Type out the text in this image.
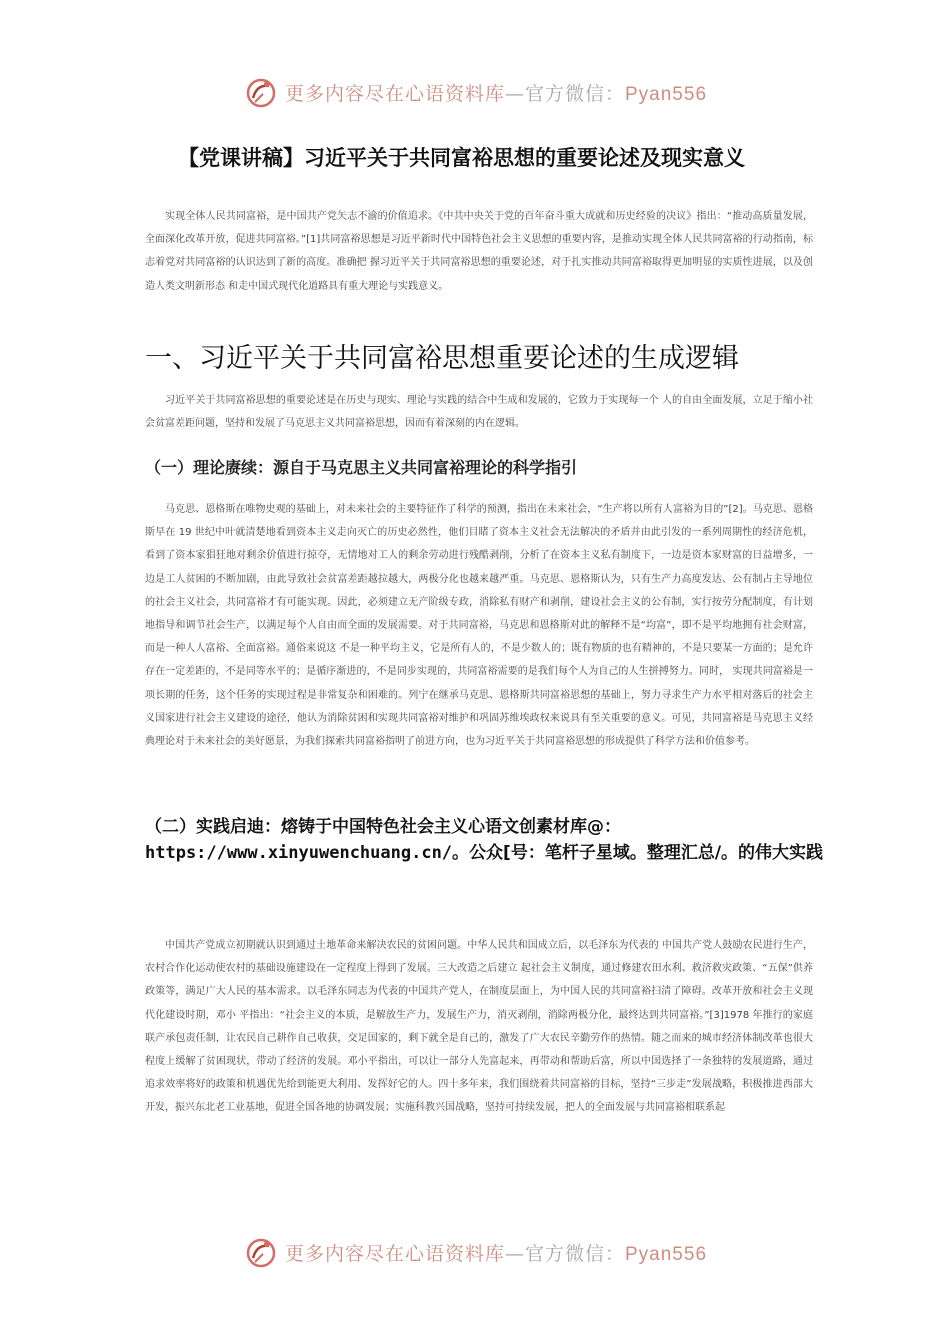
更多内容尽在心语资料库—官方微信：Pyan556
【党课讲稿】习近平关于共同富裕思想的重要论述及现实意义

实现全体人民共同富裕，是中国共产党矢志不渝的价值追求。《中共中央关于党的百年奋斗重大成就和历史经验的决议》指出：“推动高质量发展，全面深化改革开放，促进共同富裕。”[1]共同富裕思想是习近平新时代中国特色社会主义思想的重要内容，是推动实现全体人民共同富裕的行动指南，标志着党对共同富裕的认识达到了新的高度。准确把 握习近平关于共同富裕思想的重要论述，对于扎实推动共同富裕取得更加明显的实质性进展，以及创造人类文明新形态 和走中国式现代化道路具有重大理论与实践意义。

一、习近平关于共同富裕思想重要论述的生成逻辑

习近平关于共同富裕思想的重要论述是在历史与现实、理论与实践的结合中生成和发展的，它致力于实现每一个 人的自由全面发展，立足于缩小社会贫富差距问题，坚持和发展了马克思主义共同富裕思想，因而有着深刻的内在逻辑。

（一）理论赓续：源自于马克思主义共同富裕理论的科学指引

马克思、恩格斯在唯物史观的基础上，对未来社会的主要特征作了科学的预测，指出在未来社会，“生产将以所有人富裕为目的”[2]。马克思、恩格斯早在 19 世纪中叶就清楚地看到资本主义走向灭亡的历史必然性，他们目睹了资本主义社会无法解决的矛盾并由此引发的一系列周期性的经济危机，看到了资本家猖狂地对剩余价值进行掠夺，无情地对工人的剩余劳动进行残酷剥削，分析了在资本主义私有制度下，一边是资本家财富的日益增多，一边是工人贫困的不断加剧，由此导致社会贫富差距越拉越大，两极分化也越来越严重。马克思、恩格斯认为，只有生产力高度发达、公有制占主导地位的社会主义社会，共同富裕才有可能实现。因此，必须建立无产阶级专政，消除私有财产和剥削，建设社会主义的公有制，实行按劳分配制度，有计划地指导和调节社会生产，以满足每个人自由而全面的发展需要。对于共同富裕，马克思和恩格斯对此的解释不是“均富”，即不是平均地拥有社会财富，而是一种人人富裕、全面富裕。通俗来说这 不是一种平均主义，它是所有人的，不是少数人的；既有物质的也有精神的，不是只要某一方面的；是允许存在一定差距的，不是同等水平的；是循序渐进的，不是同步实现的，共同富裕需要的是我们每个人为自己的人生拼搏努力。同时， 实现共同富裕是一项长期的任务，这个任务的实现过程是非常复杂和困难的。列宁在继承马克思、恩格斯共同富裕思想的基础上，努力寻求生产力水平相对落后的社会主义国家进行社会主义建设的途径，他认为消除贫困和实现共同富裕对维护和巩固苏维埃政权来说具有至关重要的意义。可见，共同富裕是马克思主义经典理论对于未来社会的美好愿景，为我们探索共同富裕指明了前进方向，也为习近平关于共同富裕思想的形成提供了科学方法和价值参考。

（二）实践启迪：熔铸于中国特色社会主义心语文创素材库@：https://www.xinyuwenchuang.cn/。公众[号：笔杆子星域。整理汇总/。的伟大实践

中国共产党成立初期就认识到通过土地革命来解决农民的贫困问题。中华人民共和国成立后，以毛泽东为代表的 中国共产党人鼓励农民进行生产，农村合作化运动使农村的基础设施建设在一定程度上得到了发展。三大改造之后建立 起社会主义制度，通过修建农田水利、救济救灾政策、“五保”供养政策等，满足广大人民的基本需求。以毛泽东同志为代表的中国共产党人，在制度层面上，为中国人民的共同富裕扫清了障碍。改革开放和社会主义现代化建设时期，邓小 平指出：“社会主义的本质，是解放生产力，发展生产力，消灭剥削，消除两极分化，最终达到共同富裕。”[3]1978 年推行的家庭联产承包责任制，让农民自己耕作自己收获，交足国家的，剩下就全是自己的，激发了广大农民辛勤劳作的热情。随之而来的城市经济体制改革也很大程度上缓解了贫困现状，带动了经济的发展。邓小平指出，可以让一部分人先富起来，再带动和帮助后富，所以中国选择了一条独特的发展道路，通过追求效率将好的政策和机遇优先给到能更大利用、发挥好它的人。四十多年来，我们围绕着共同富裕的目标，坚持“三步走”发展战略，积极推进西部大开发，振兴东北老工业基地，促进全国各地的协调发展；实施科教兴国战略，坚持可持续发展，把人的全面发展与共同富裕相联系起

更多内容尽在心语资料库—官方微信：Pyan556
